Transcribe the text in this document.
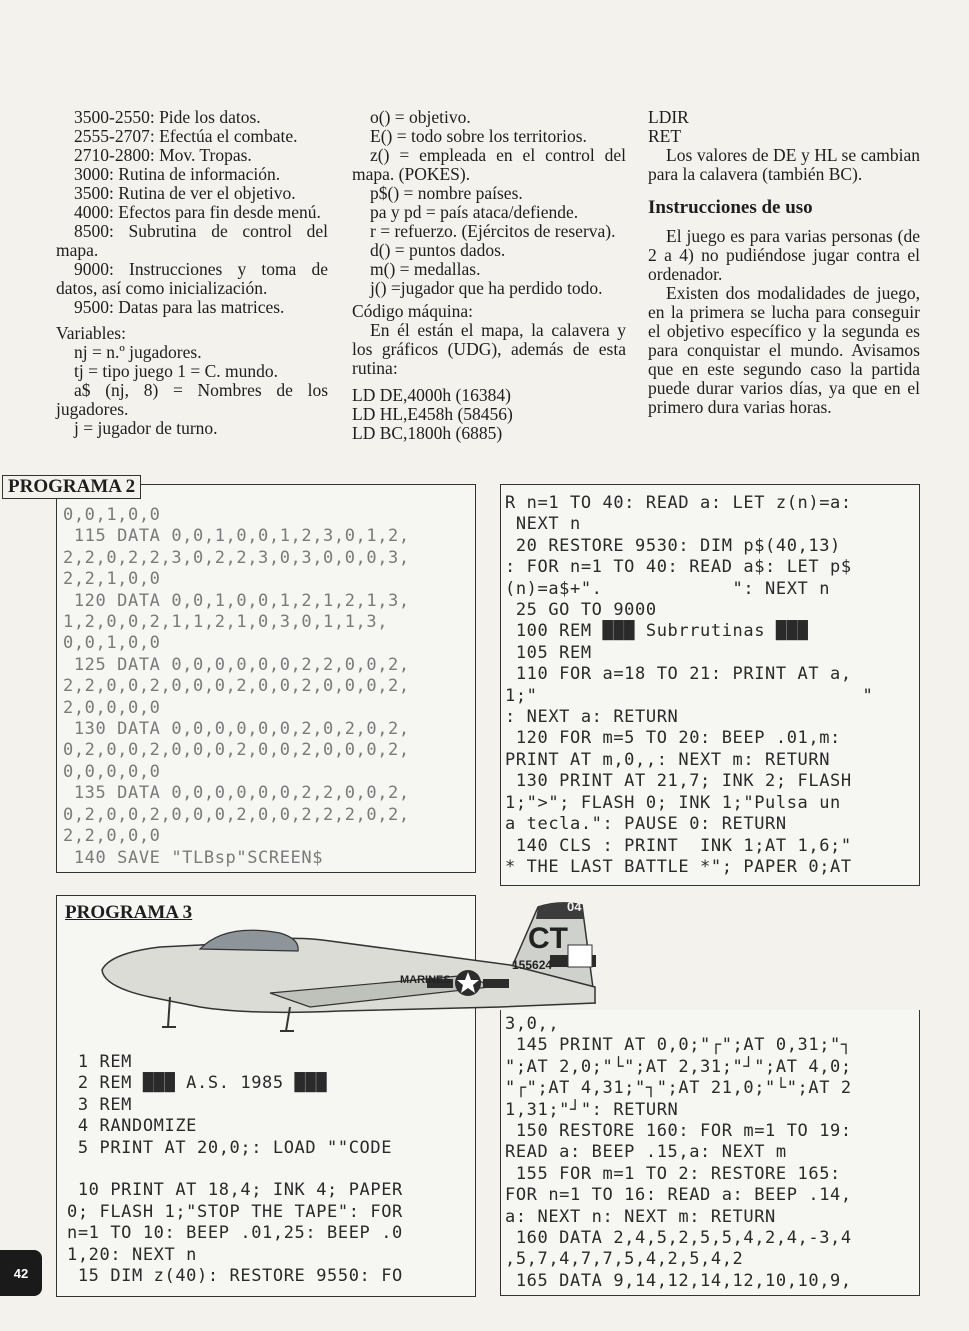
3500-2550: Pide los datos.

2555-2707: Efectúa el combate.

2710-2800: Mov. Tropas.

3000: Rutina de información.

3500: Rutina de ver el objetivo.

4000: Efectos para fin desde menú.

8500: Subrutina de control del mapa.

9000: Instrucciones y toma de datos, así como inicialización.

9500: Datas para las matrices.

Variables:

nj = n.º jugadores.

tj = tipo juego 1 = C. mundo.

a$ (nj, 8) = Nombres de los jugadores.

j = jugador de turno.

o() = objetivo.

E() = todo sobre los territorios.

z() = empleada en el control del mapa. (POKES).

p$() = nombre países.

pa y pd = país ataca/defiende.

r = refuerzo. (Ejércitos de reserva).

d() = puntos dados.

m() = medallas.

j() =jugador que ha perdido todo.

Código máquina:

En él están el mapa, la calavera y los gráficos (UDG), además de esta rutina:

LD DE,4000h (16384)

LD HL,E458h (58456)

LD BC,1800h (6885)

LDIR

RET

Los valores de DE y HL se cambian para la calavera (también BC).

Instrucciones de uso

El juego es para varias personas (de 2 a 4) no pudiéndose jugar contra el ordenador.

Existen dos modalidades de juego, en la primera se lucha para conseguir el objetivo específico y la segunda es para conquistar el mundo. Avisamos que en este segundo caso la partida puede durar varios días, ya que en el primero dura varias horas.

0,0,1,0,0
115 DATA 0,0,1,0,0,1,2,3,0,1,2,
2,2,0,2,2,3,0,2,2,3,0,3,0,0,0,3,
2,2,1,0,0
120 DATA 0,0,1,0,0,1,2,1,2,1,3,
1,2,0,0,2,1,1,2,1,0,3,0,1,1,3,
0,0,1,0,0
125 DATA 0,0,0,0,0,0,2,2,0,0,2,
2,2,0,0,2,0,0,0,2,0,0,2,0,0,0,2,
2,0,0,0,0
130 DATA 0,0,0,0,0,0,2,0,2,0,2,
0,2,0,0,2,0,0,0,2,0,0,2,0,0,0,2,
0,0,0,0,0
135 DATA 0,0,0,0,0,0,2,2,0,0,2,
0,2,0,0,2,0,0,0,2,0,0,2,2,2,0,2,
2,2,0,0,0
140 SAVE "TLBsp"SCREEN$
PROGRAMA 2
PROGRAMA 3
1 REM
2 REM ███ A.S. 1985 ███
3 REM
4 RANDOMIZE
5 PRINT AT 20,0;: LOAD ""CODE

10 PRINT AT 18,4; INK 4; PAPER
0; FLASH 1;"STOP THE TAPE": FOR
n=1 TO 10: BEEP .01,25: BEEP .0
1,20: NEXT n
15 DIM z(40): RESTORE 9550: FO
R n=1 TO 40: READ a: LET z(n)=a:
NEXT n
20 RESTORE 9530: DIM p$(40,13)
: FOR n=1 TO 40: READ a$: LET p$
(n)=a$+".            ": NEXT n
25 GO TO 9000
100 REM ███ Subrrutinas ███
105 REM
110 FOR a=18 TO 21: PRINT AT a,
1;"                              "
: NEXT a: RETURN
120 FOR m=5 TO 20: BEEP .01,m:
PRINT AT m,0,,: NEXT m: RETURN
130 PRINT AT 21,7; INK 2; FLASH
1;">"; FLASH 0; INK 1;"Pulsa un
a tecla.": PAUSE 0: RETURN
140 CLS : PRINT  INK 1;AT 1,6;"
* THE LAST BATTLE *"; PAPER 0;AT
3,0,,
145 PRINT AT 0,0;"┌";AT 0,31;"┐
";AT 2,0;"└";AT 2,31;"┘";AT 4,0;
"┌";AT 4,31;"┐";AT 21,0;"└";AT 2
1,31;"┘": RETURN
150 RESTORE 160: FOR m=1 TO 19:
READ a: BEEP .15,a: NEXT m
155 FOR m=1 TO 2: RESTORE 165:
FOR n=1 TO 16: READ a: BEEP .14,
a: NEXT n: NEXT m: RETURN
160 DATA 2,4,5,2,5,5,4,2,4,-3,4
,5,7,4,7,7,5,4,2,5,4,2
165 DATA 9,14,12,14,12,10,10,9,
04
CT
155624
MARINES
42
